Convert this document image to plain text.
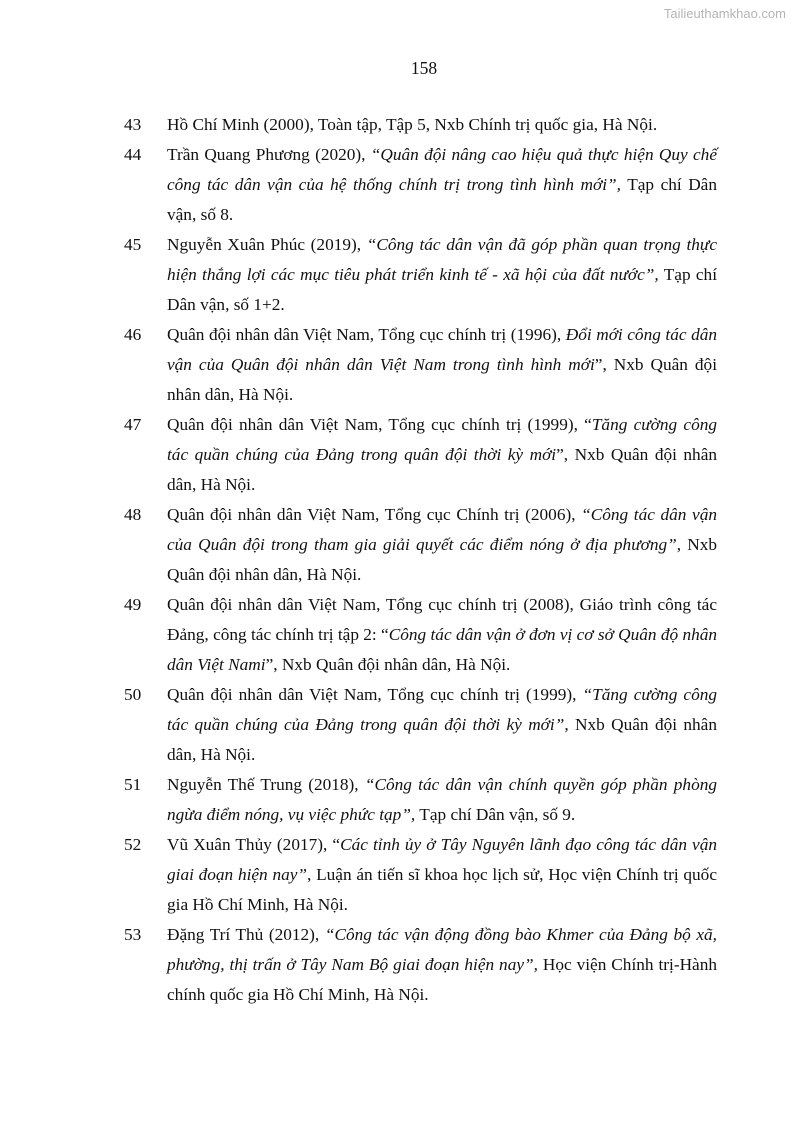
Tailieuthamkhao.com
158
43 Hồ Chí Minh (2000), Toàn tập, Tập 5, Nxb Chính trị quốc gia, Hà Nội.
44 Trần Quang Phương (2020), “Quân đội nâng cao hiệu quả thực hiện Quy chế công tác dân vận của hệ thống chính trị trong tình hình mới”, Tạp chí Dân vận, số 8.
45 Nguyễn Xuân Phúc (2019), “Công tác dân vận đã góp phần quan trọng thực hiện thắng lợi các mục tiêu phát triển kinh tế - xã hội của đất nước”, Tạp chí Dân vận, số 1+2.
46 Quân đội nhân dân Việt Nam, Tổng cục chính trị (1996), Đổi mới công tác dân vận của Quân đội nhân dân Việt Nam trong tình hình mới”, Nxb Quân đội nhân dân, Hà Nội.
47 Quân đội nhân dân Việt Nam, Tổng cục chính trị (1999), “Tăng cường công tác quần chúng của Đảng trong quân đội thời kỳ mới”, Nxb Quân đội nhân dân, Hà Nội.
48 Quân đội nhân dân Việt Nam, Tổng cục Chính trị (2006), “Công tác dân vận của Quân đội trong tham gia giải quyết các điểm nóng ở địa phương”, Nxb Quân đội nhân dân, Hà Nội.
49 Quân đội nhân dân Việt Nam, Tổng cục chính trị (2008), Giáo trình công tác Đảng, công tác chính trị tập 2: “Công tác dân vận ở đơn vị cơ sở Quân độ nhân dân Việt Nami”, Nxb Quân đội nhân dân, Hà Nội.
50 Quân đội nhân dân Việt Nam, Tổng cục chính trị (1999), “Tăng cường công tác quần chúng của Đảng trong quân đội thời kỳ mới”, Nxb Quân đội nhân dân, Hà Nội.
51 Nguyễn Thế Trung (2018), “Công tác dân vận chính quyền góp phần phòng ngừa điểm nóng, vụ việc phức tạp”, Tạp chí Dân vận, số 9.
52 Vũ Xuân Thủy (2017), “Các tỉnh ủy ở Tây Nguyên lãnh đạo công tác dân vận giai đoạn hiện nay”, Luận án tiến sĩ khoa học lịch sử, Học viện Chính trị quốc gia Hồ Chí Minh, Hà Nội.
53 Đặng Trí Thủ (2012), “Công tác vận động đồng bào Khmer của Đảng bộ xã, phường, thị trấn ở Tây Nam Bộ giai đoạn hiện nay”, Học viện Chính trị-Hành chính quốc gia Hồ Chí Minh, Hà Nội.
